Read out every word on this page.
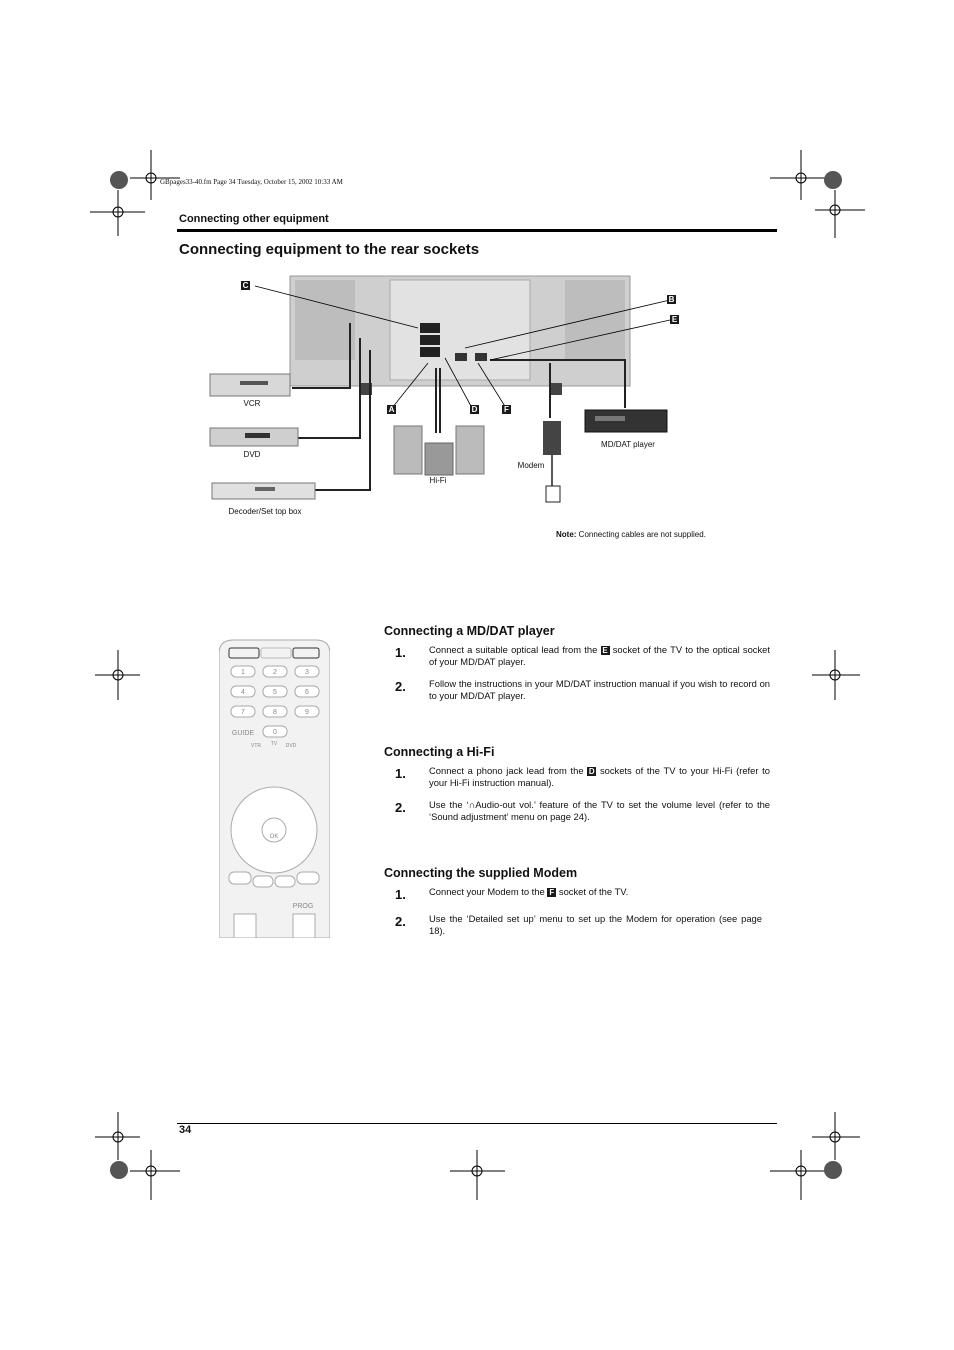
GBpages33-40.fm Page 34 Tuesday, October 15, 2002 10:33 AM
Connecting other equipment
Connecting equipment to the rear sockets
C
B
E
A	D	F
VCR
DVD
Decoder/Set top box
Hi-Fi
Modem
MD/DAT player
Note: Connecting cables are not supplied.
1	2	3
4	5	6
7	8	9
0
GUIDE
VTR TV DVD
OK
PROG
Connecting a MD/DAT player
1. Connect a suitable optical lead from the E socket of the TV to the optical socket of your MD/DAT player.
2. Follow the instructions in your MD/DAT instruction manual if you wish to record on to your MD/DAT player.
Connecting a Hi-Fi
1. Connect a phono jack lead from the D sockets of the TV to your Hi-Fi (refer to your Hi-Fi instruction manual).
2. Use the ‘∩Audio-out vol.’ feature of the TV to set the volume level (refer to the ‘Sound adjustment’ menu on page 24).
Connecting the supplied Modem
1. Connect your Modem to the F socket of the TV.
2. Use the ‘Detailed set up’ menu to set up the Modem for operation (see page 18).
34
